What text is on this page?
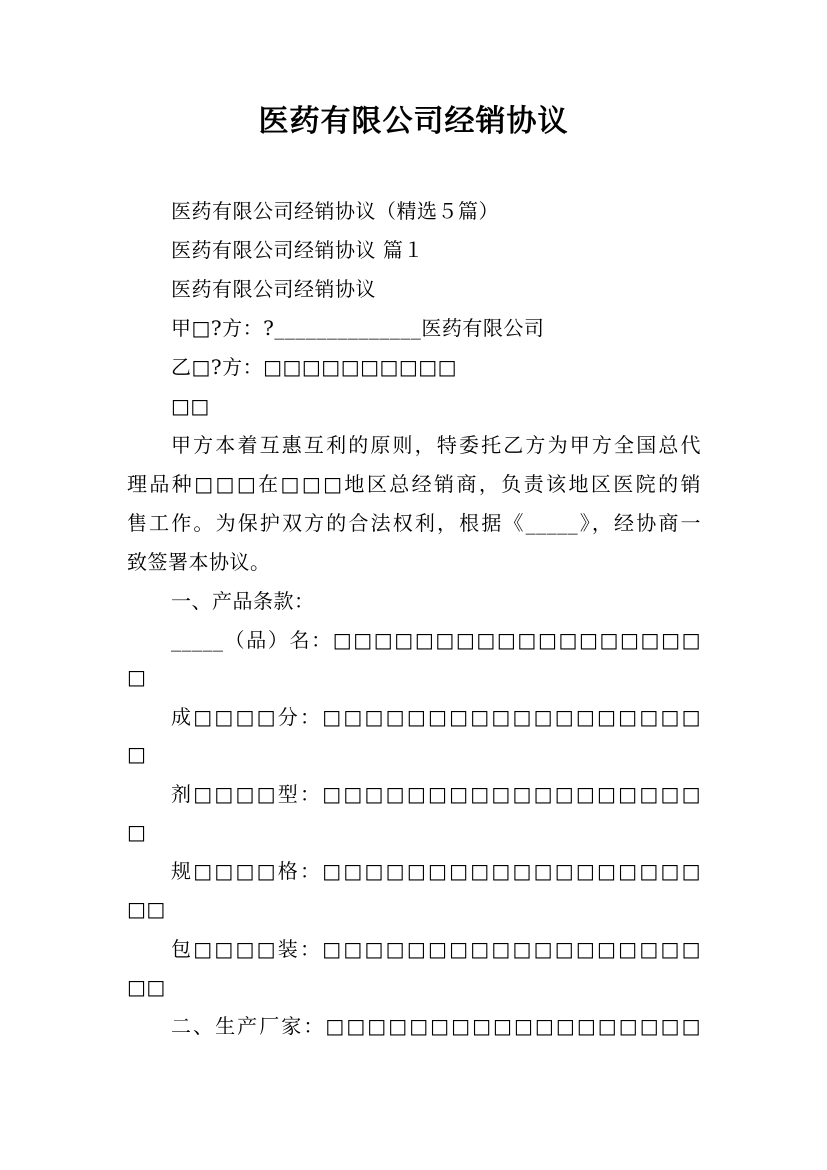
医药有限公司经销协议
医药有限公司经销协议（精选５篇）
医药有限公司经销协议 篇１
医药有限公司经销协议
甲□?方：?______________医药有限公司
乙□?方：□□□□□□□□□□
□□
甲方本着互惠互利的原则，特委托乙方为甲方全国总代
理品种□□□在□□□地区总经销商，负责该地区医院的销
售工作。为保护双方的合法权利，根据《_____》，经协商一
致签署本协议。
一、产品条款：
_____（品）名：□□□□□□□□□□□□□□□□□□
□
成□□□□分：□□□□□□□□□□□□□□□□□□
□
剂□□□□型：□□□□□□□□□□□□□□□□□□
□
规□□□□格：□□□□□□□□□□□□□□□□□□
□□
包□□□□装：□□□□□□□□□□□□□□□□□□
□□
二、生产厂家：□□□□□□□□□□□□□□□□□□
